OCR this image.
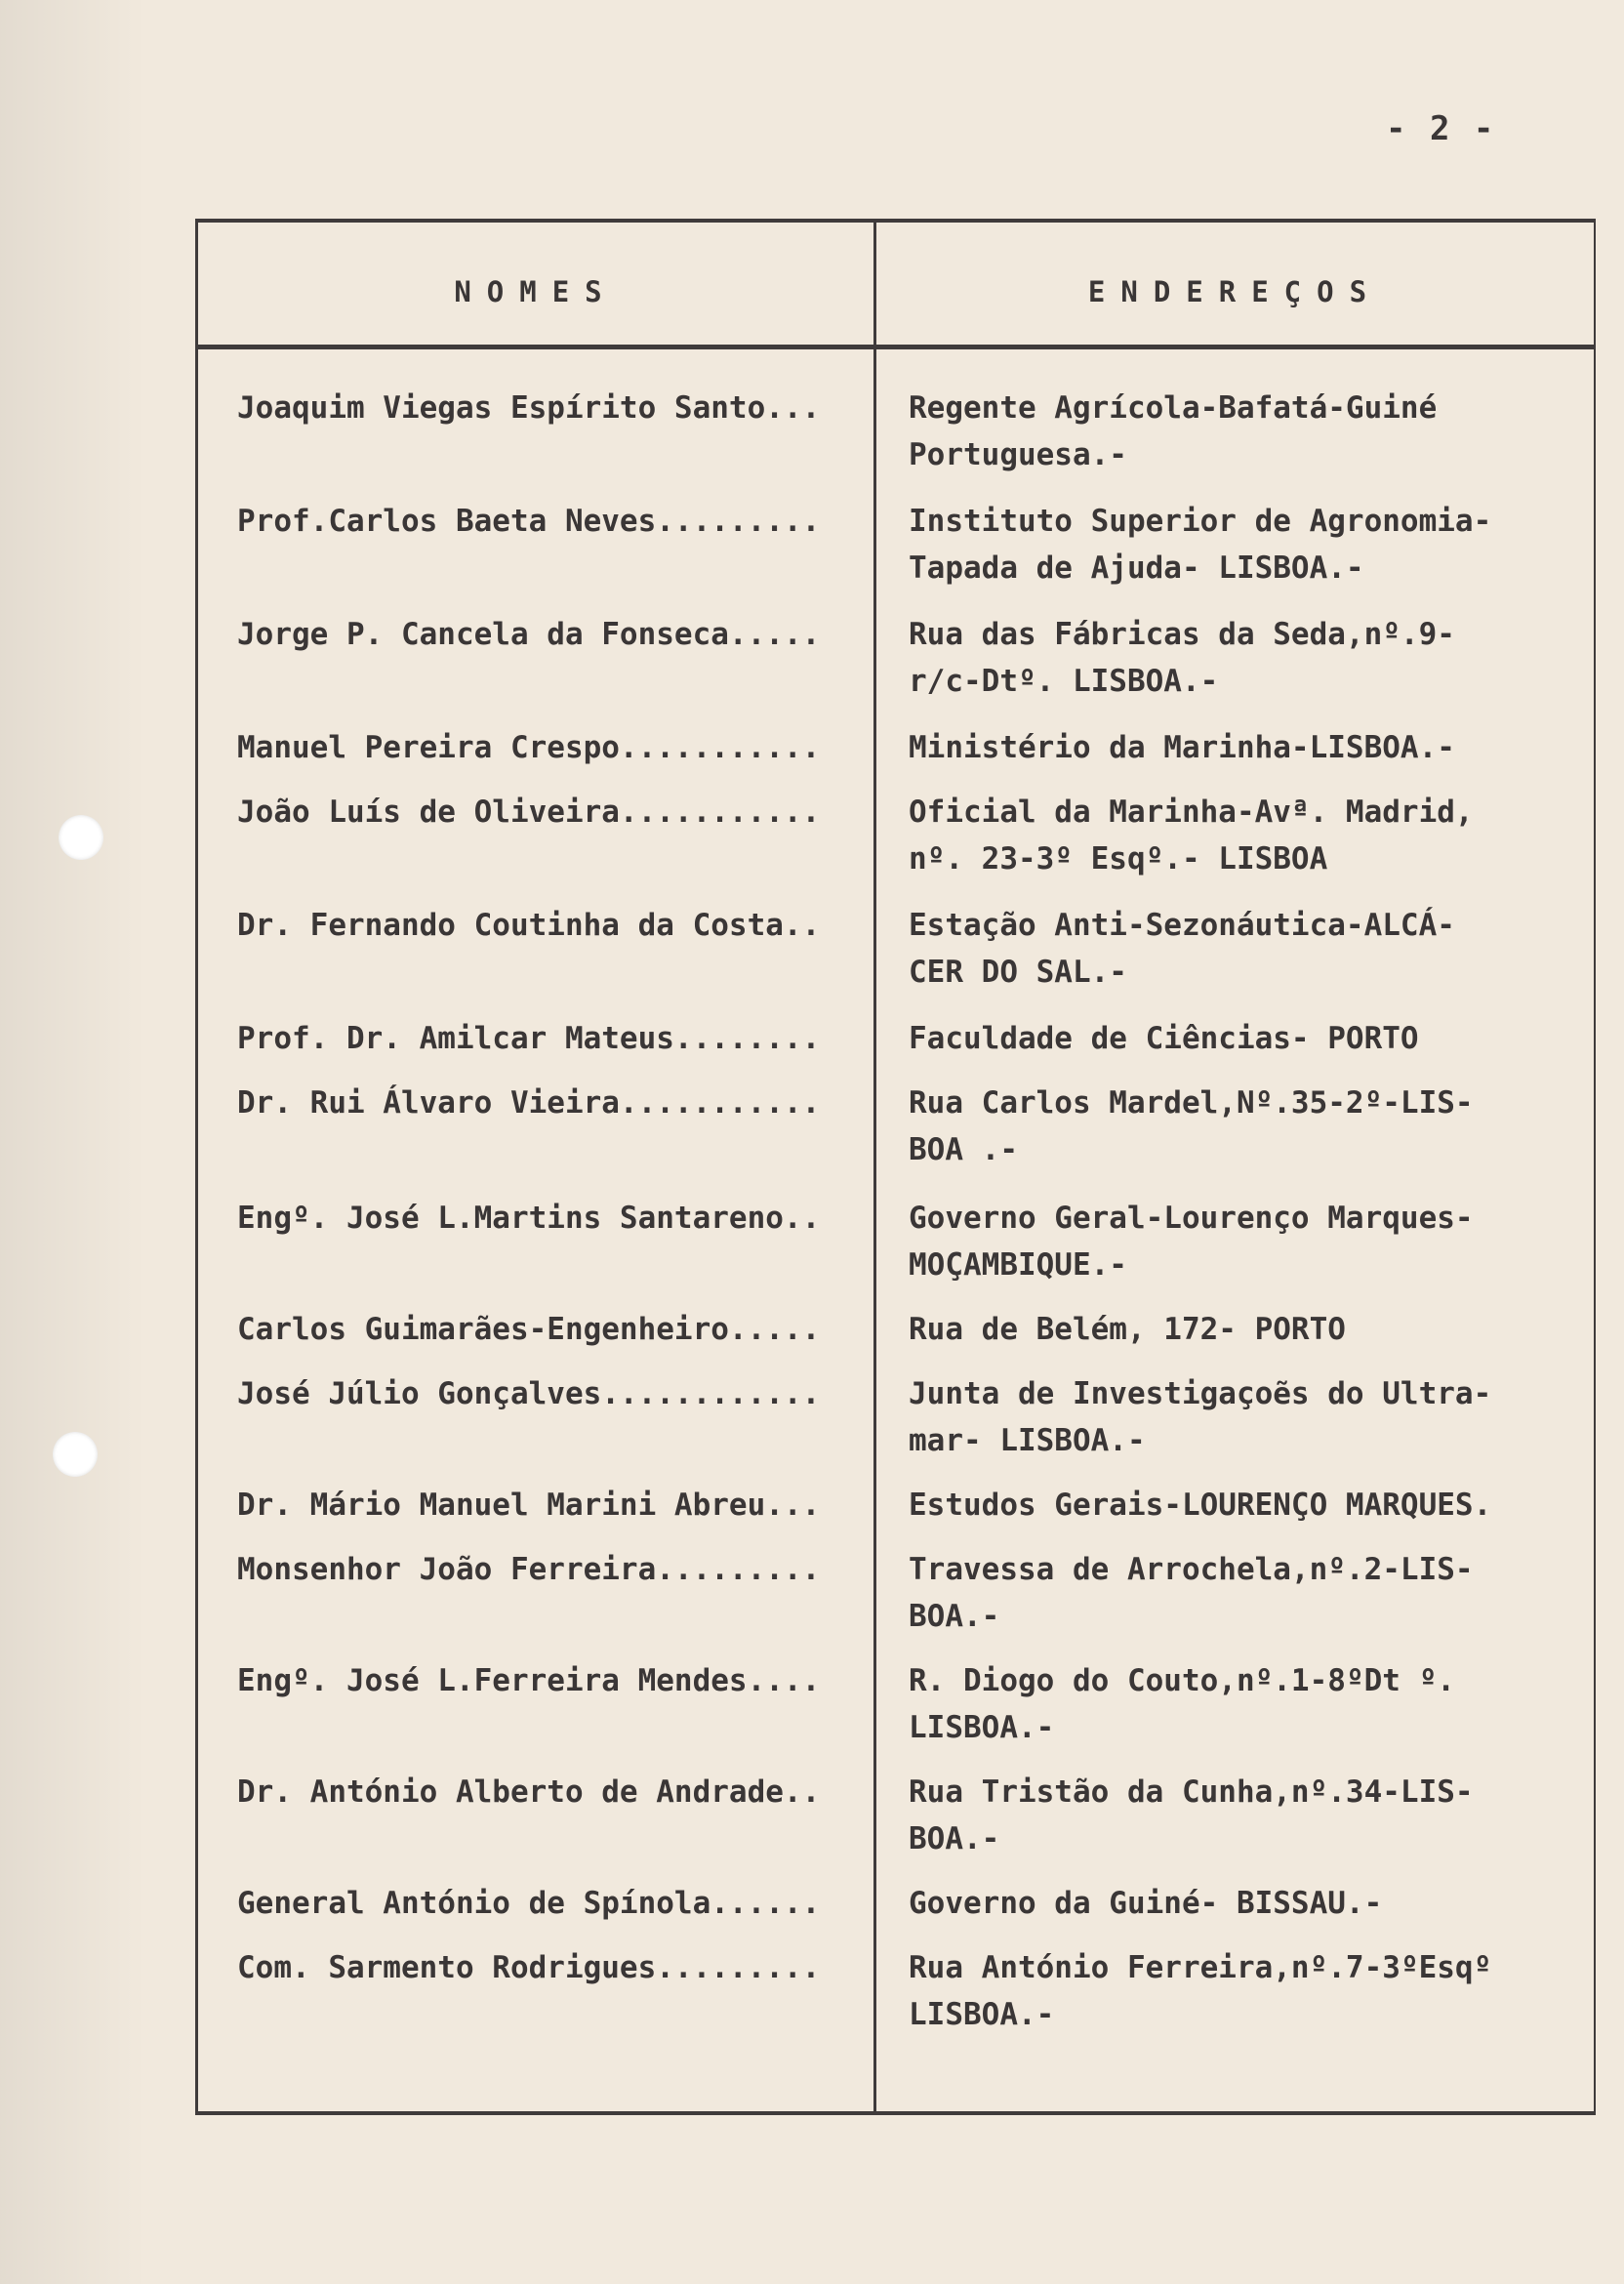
- 2 -
NOMES	ENDEREÇOS
Joaquim Viegas Espírito Santo...	Regente Agrícola-Bafatá-Guiné
Portuguesa.-
Prof.Carlos Baeta Neves.........	Instituto Superior de Agronomia-
Tapada de Ajuda- LISBOA.-
Jorge P. Cancela da Fonseca.....	Rua das Fábricas da Seda,nº.9-
r/c-Dtº. LISBOA.-
Manuel Pereira Crespo...........	Ministério da Marinha-LISBOA.-
João Luís de Oliveira...........	Oficial da Marinha-Avª. Madrid,
nº. 23-3º Esqº.- LISBOA
Dr. Fernando Coutinha da Costa..	Estação Anti-Sezonáutica-ALCÁ-
CER DO SAL.-
Prof. Dr. Amilcar Mateus........	Faculdade de Ciências- PORTO
Dr. Rui Álvaro Vieira...........	Rua Carlos Mardel,Nº.35-2º-LIS-
BOA .-
Engº. José L.Martins Santareno..	Governo Geral-Lourenço Marques-
MOÇAMBIQUE.-
Carlos Guimarães-Engenheiro.....	Rua de Belém, 172- PORTO
José Júlio Gonçalves............	Junta de Investigaçoẽs do Ultra-
mar- LISBOA.-
Dr. Mário Manuel Marini Abreu...	Estudos Gerais-LOURENÇO MARQUES.
Monsenhor João Ferreira.........	Travessa de Arrochela,nº.2-LIS-
BOA.-
Engº. José L.Ferreira Mendes....	R. Diogo do Couto,nº.1-8ºDt º.
LISBOA.-
Dr. António Alberto de Andrade..	Rua Tristão da Cunha,nº.34-LIS-
BOA.-
General António de Spínola......	Governo da Guiné- BISSAU.-
Com. Sarmento Rodrigues.........	Rua António Ferreira,nº.7-3ºEsqº
LISBOA.-
